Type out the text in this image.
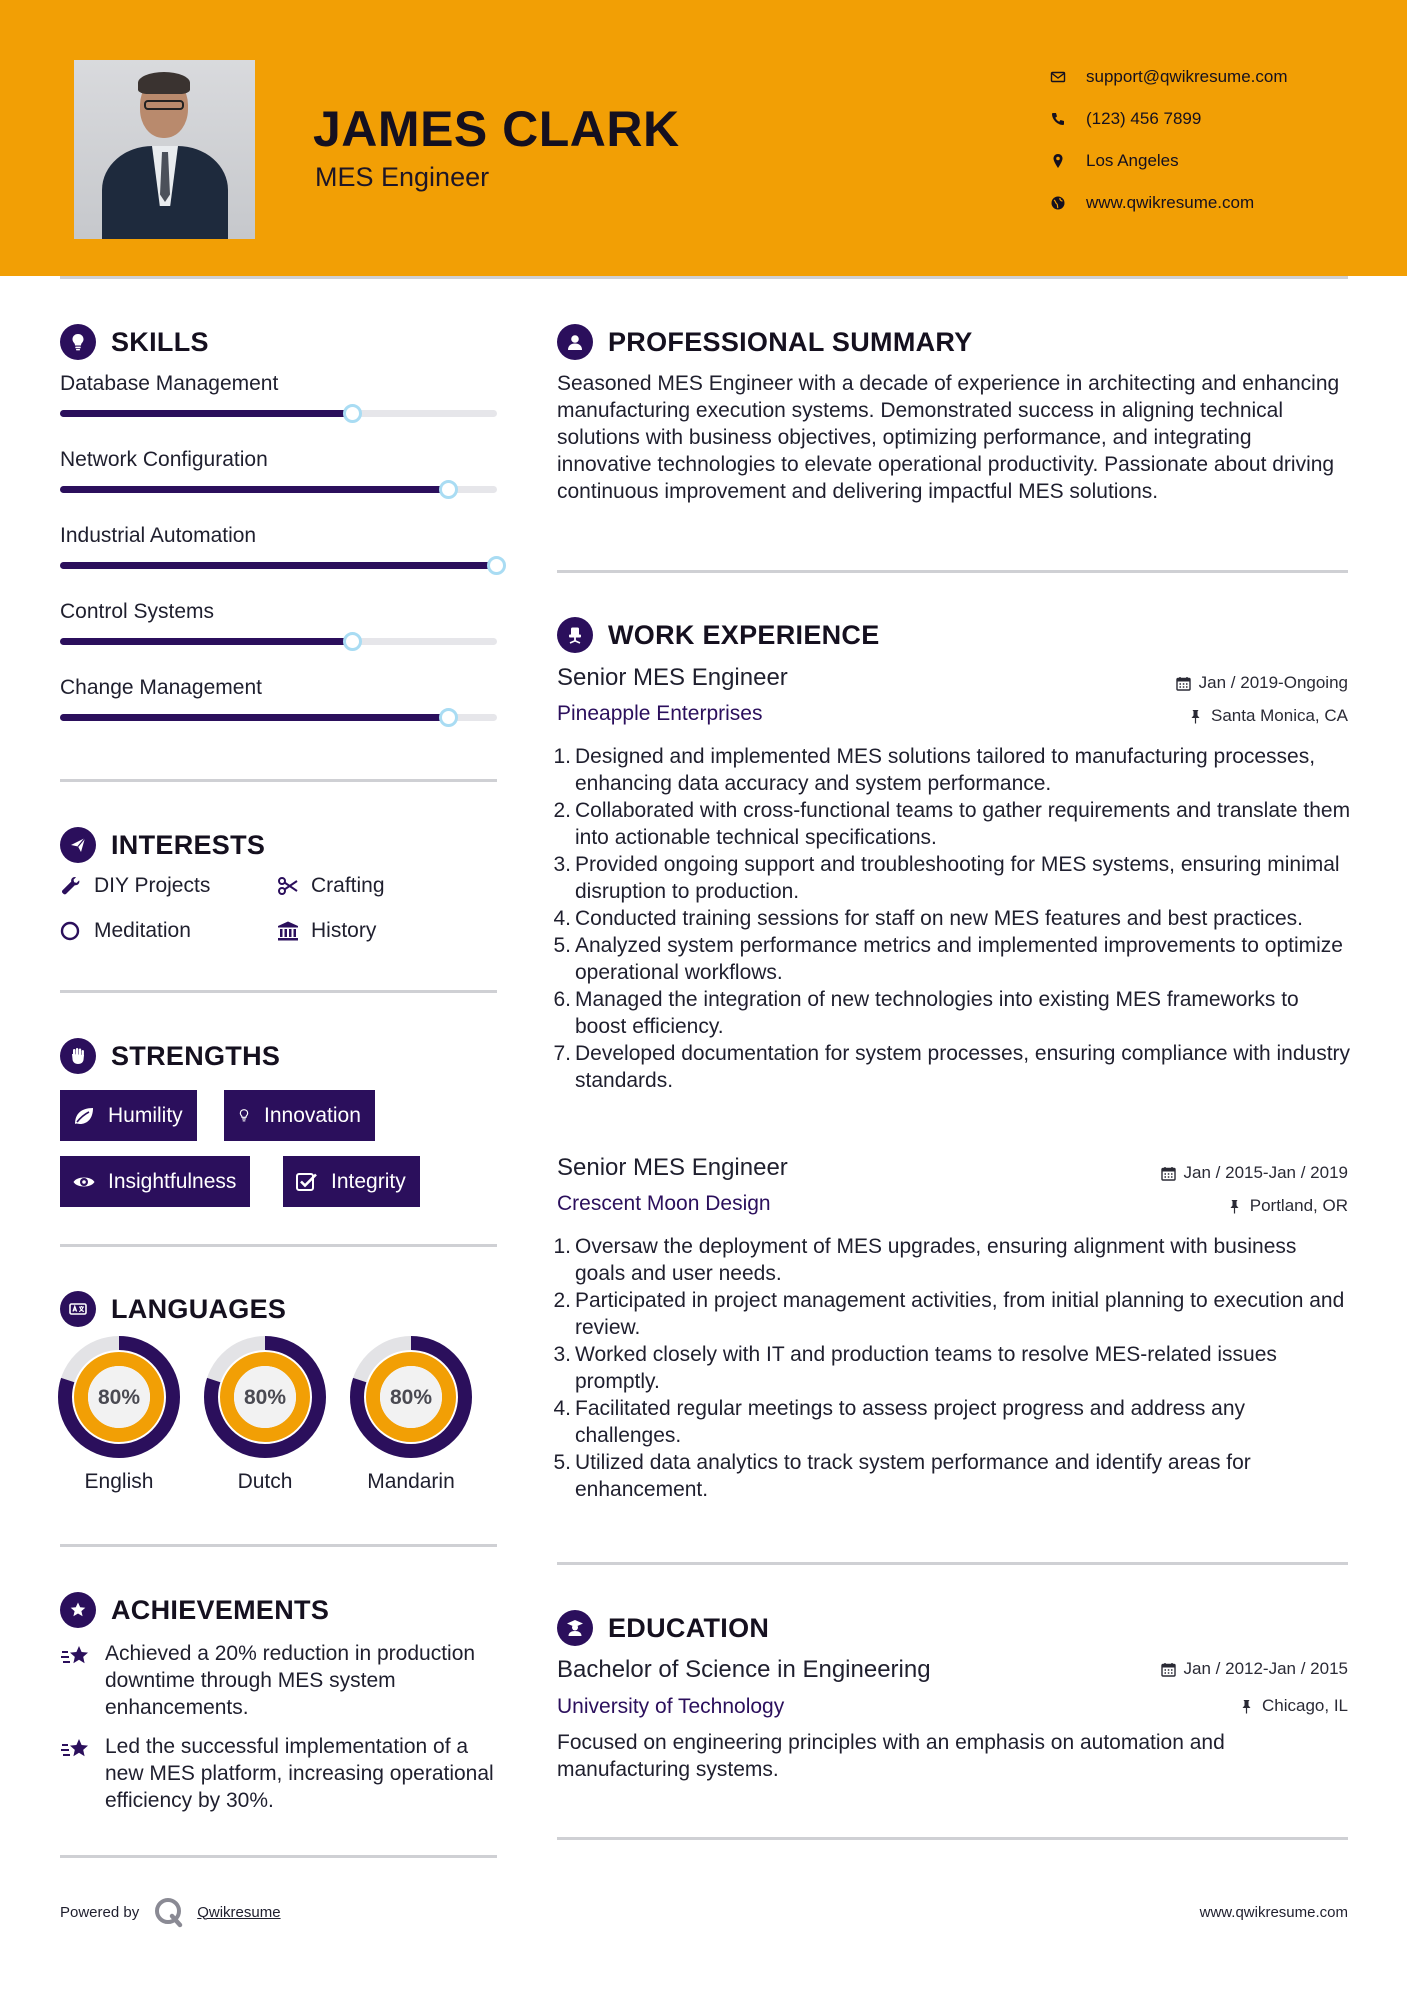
JAMES CLARK
MES Engineer
support@qwikresume.com
(123) 456 7899
Los Angeles
www.qwikresume.com
SKILLS
Database Management
Network Configuration
Industrial Automation
Control Systems
Change Management
INTERESTS
DIY Projects	Crafting
Meditation	History
STRENGTHS
Humility	Innovation
Insightfulness	Integrity
LANGUAGES
80%
English
80%
Dutch
80%
Mandarin
ACHIEVEMENTS
Achieved a 20% reduction in production downtime through MES system enhancements.
Led the successful implementation of a new MES platform, increasing operational efficiency by 30%.
PROFESSIONAL SUMMARY
Seasoned MES Engineer with a decade of experience in architecting and enhancing manufacturing execution systems. Demonstrated success in aligning technical solutions with business objectives, optimizing performance, and integrating innovative technologies to elevate operational productivity. Passionate about driving continuous improvement and delivering impactful MES solutions.
WORK EXPERIENCE
Senior MES Engineer	Jan / 2019-Ongoing
Pineapple Enterprises	Santa Monica, CA
1. Designed and implemented MES solutions tailored to manufacturing processes, enhancing data accuracy and system performance.
2. Collaborated with cross-functional teams to gather requirements and translate them into actionable technical specifications.
3. Provided ongoing support and troubleshooting for MES systems, ensuring minimal disruption to production.
4. Conducted training sessions for staff on new MES features and best practices.
5. Analyzed system performance metrics and implemented improvements to optimize operational workflows.
6. Managed the integration of new technologies into existing MES frameworks to boost efficiency.
7. Developed documentation for system processes, ensuring compliance with industry standards.
Senior MES Engineer	Jan / 2015-Jan / 2019
Crescent Moon Design	Portland, OR
1. Oversaw the deployment of MES upgrades, ensuring alignment with business goals and user needs.
2. Participated in project management activities, from initial planning to execution and review.
3. Worked closely with IT and production teams to resolve MES-related issues promptly.
4. Facilitated regular meetings to assess project progress and address any challenges.
5. Utilized data analytics to track system performance and identify areas for enhancement.
EDUCATION
Bachelor of Science in Engineering	Jan / 2012-Jan / 2015
University of Technology	Chicago, IL
Focused on engineering principles with an emphasis on automation and manufacturing systems.
Powered by	Qwikresume	www.qwikresume.com
